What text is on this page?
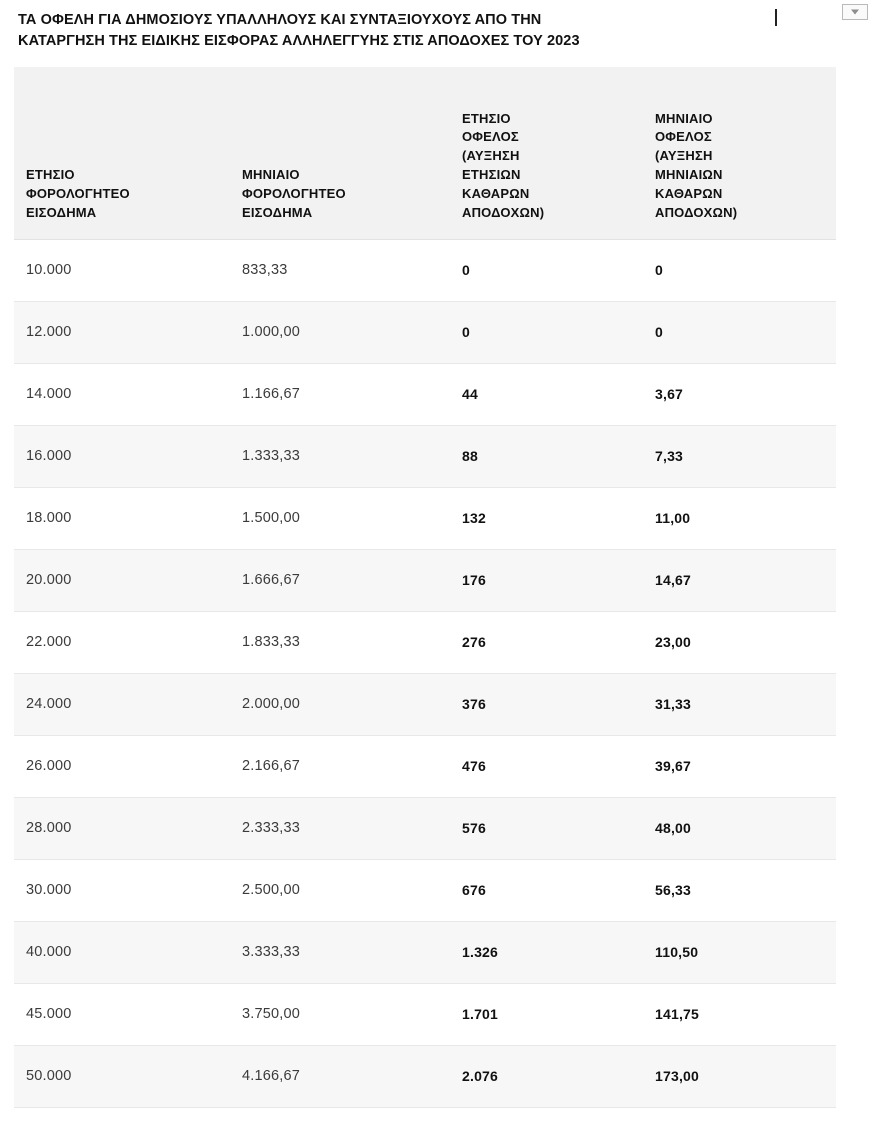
ΤΑ ΟΦΕΛΗ ΓΙΑ ΔΗΜΟΣΙΟΥΣ ΥΠΑΛΛΗΛΟΥΣ ΚΑΙ ΣΥΝΤΑΞΙΟΥΧΟΥΣ ΑΠΟ ΤΗΝ
ΚΑΤΑΡΓΗΣΗ ΤΗΣ ΕΙΔΙΚΗΣ ΕΙΣΦΟΡΑΣ ΑΛΛΗΛΕΓΓΥΗΣ ΣΤΙΣ ΑΠΟΔΟΧΕΣ ΤΟΥ 2023
ΕΤΗΣΙΟ
ΦΟΡΟΛΟΓΗΤΕΟ
ΕΙΣΟΔΗΜΑ

ΜΗΝΙΑΙΟ
ΦΟΡΟΛΟΓΗΤΕΟ
ΕΙΣΟΔΗΜΑ

ΕΤΗΣΙΟ
ΟΦΕΛΟΣ
(ΑΥΞΗΣΗ
ΕΤΗΣΙΩΝ
ΚΑΘΑΡΩΝ
ΑΠΟΔΟΧΩΝ)

ΜΗΝΙΑΙΟ
ΟΦΕΛΟΣ
(ΑΥΞΗΣΗ
ΜΗΝΙΑΙΩΝ
ΚΑΘΑΡΩΝ
ΑΠΟΔΟΧΩΝ)

10.000	833,33	0	0
12.000	1.000,00	0	0
14.000	1.166,67	44	3,67
16.000	1.333,33	88	7,33
18.000	1.500,00	132	11,00
20.000	1.666,67	176	14,67
22.000	1.833,33	276	23,00
24.000	2.000,00	376	31,33
26.000	2.166,67	476	39,67
28.000	2.333,33	576	48,00
30.000	2.500,00	676	56,33
40.000	3.333,33	1.326	110,50
45.000	3.750,00	1.701	141,75
50.000	4.166,67	2.076	173,00
